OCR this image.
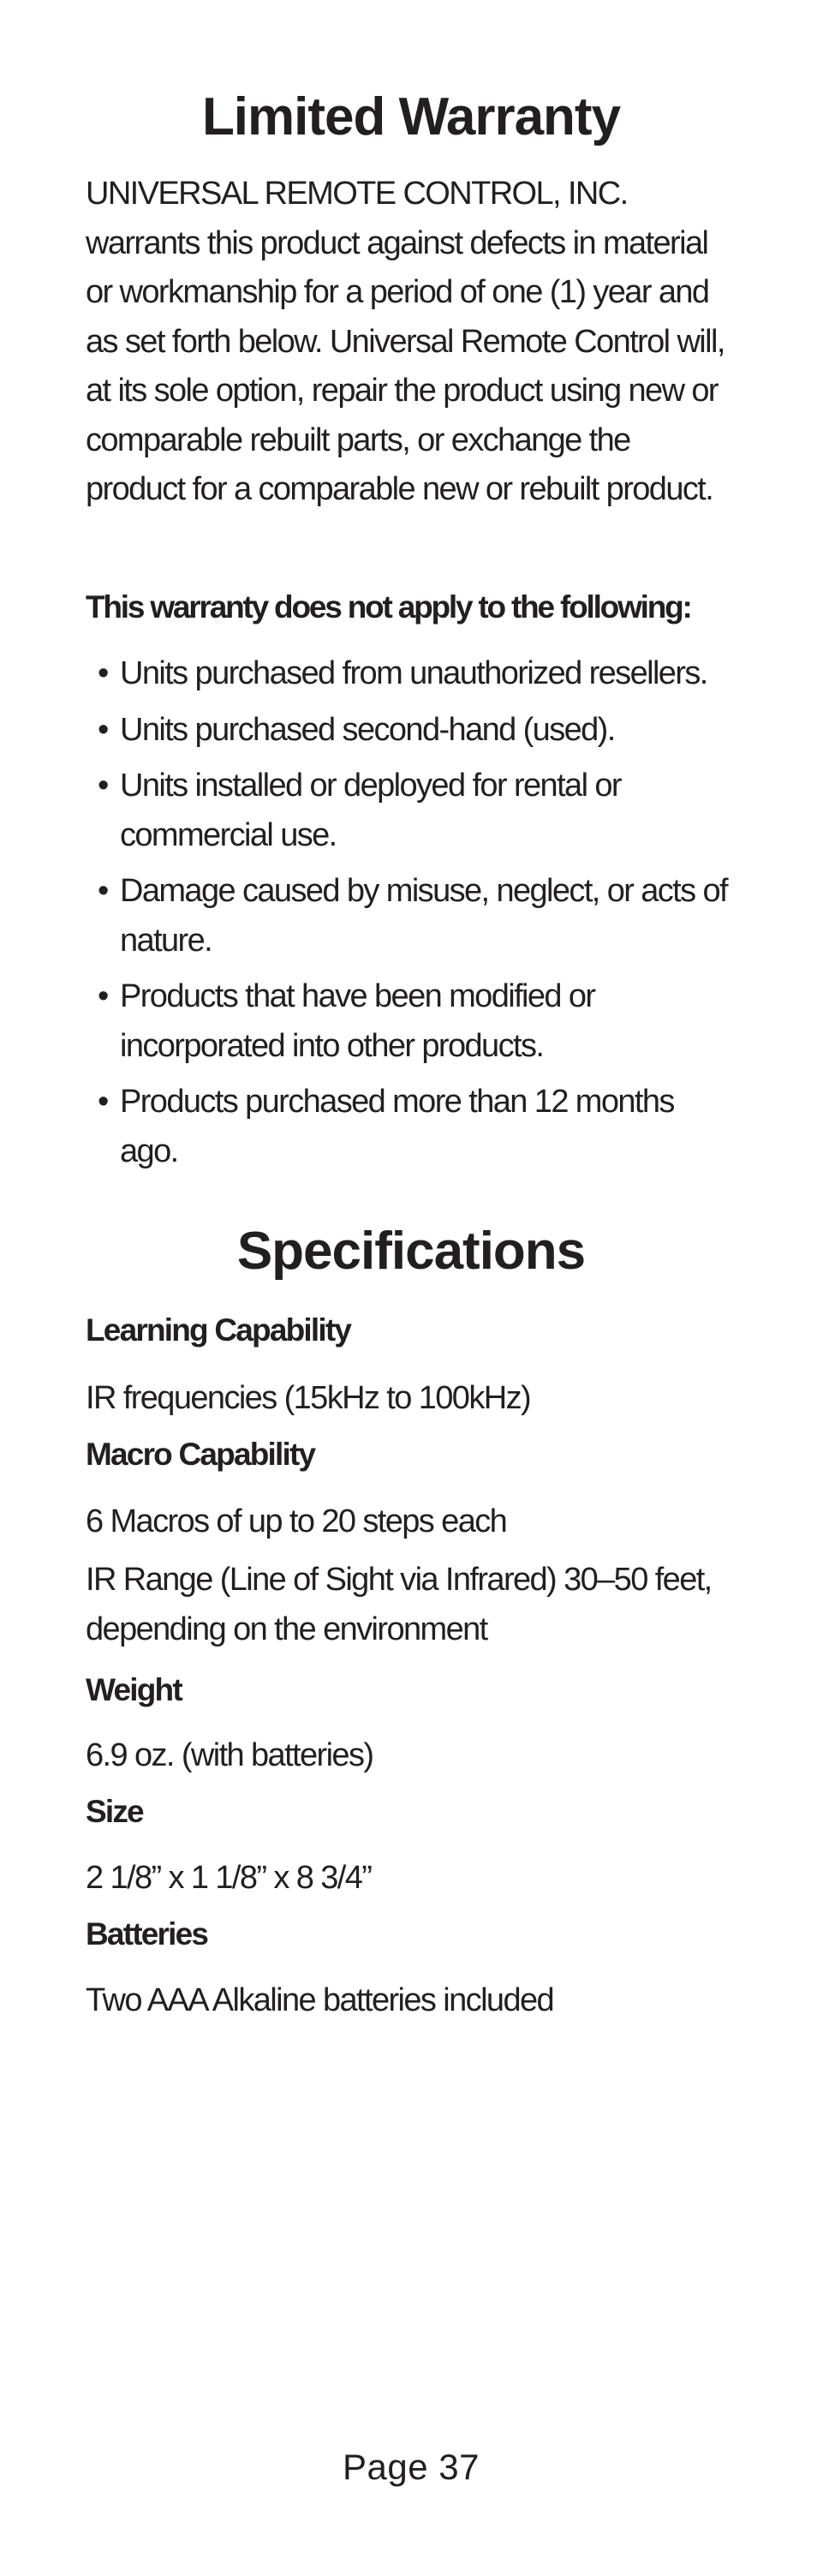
Limited Warranty

UNIVERSAL REMOTE CONTROL, INC. warrants this product against defects in material or workmanship for a period of one (1) year and as set forth below. Universal Remote Control will, at its sole option, repair the product using new or comparable rebuilt parts, or exchange the product for a comparable new or rebuilt product.

This warranty does not apply to the following:

• Units purchased from unauthorized resellers.
• Units purchased second-hand (used).
• Units installed or deployed for rental or commercial use.
• Damage caused by misuse, neglect, or acts of nature.
• Products that have been modified or incorporated into other products.
• Products purchased more than 12 months ago.
Specifications

Learning Capability

IR frequencies (15kHz to 100kHz)

Macro Capability

6 Macros of up to 20 steps each

IR Range (Line of Sight via Infrared) 30–50 feet, depending on the environment

Weight

6.9 oz. (with batteries)

Size

2 1/8” x 1 1/8” x 8 3/4”

Batteries

Two AAA Alkaline batteries included

Page 37
